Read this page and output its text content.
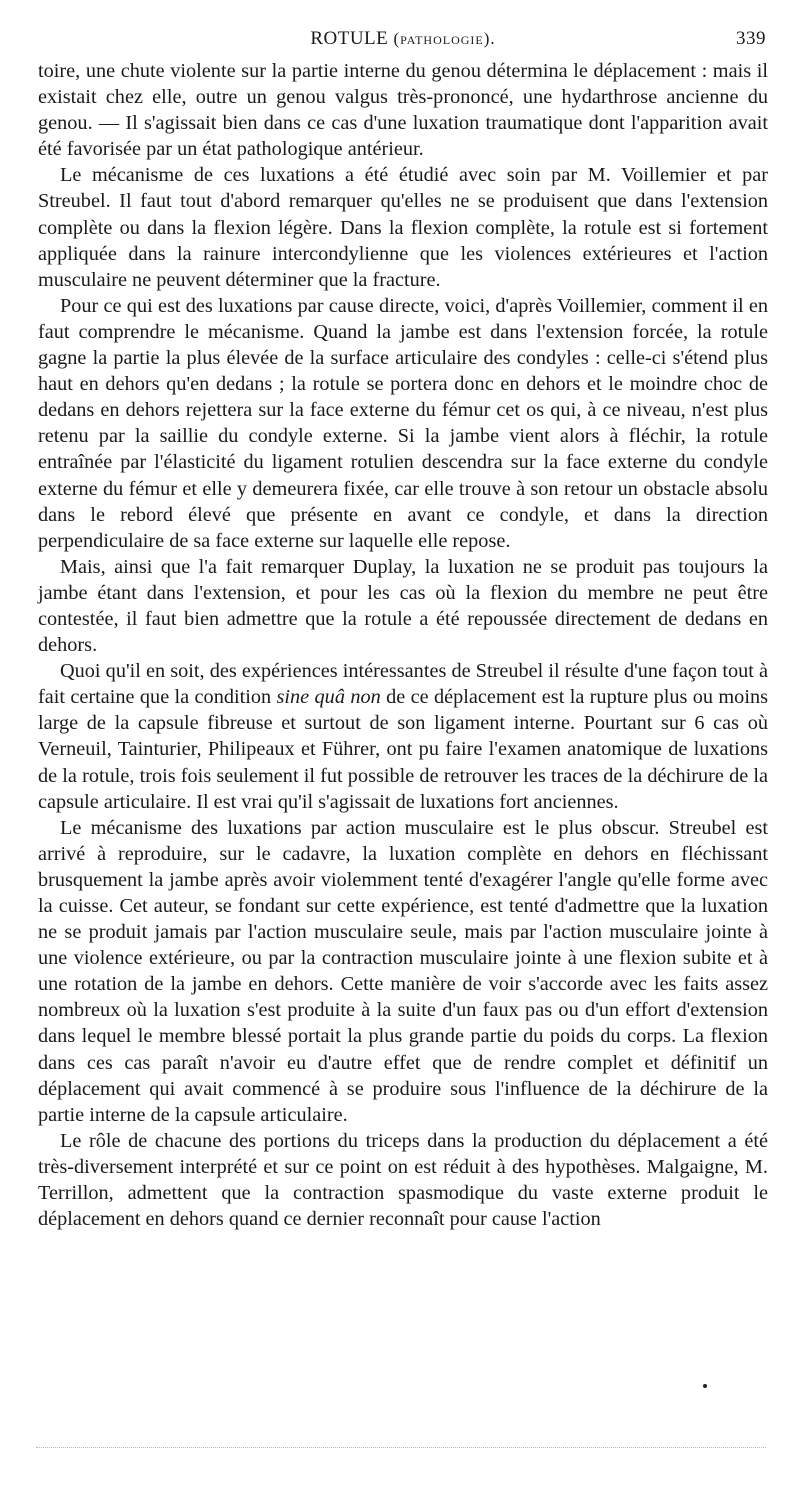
ROTULE (pathologie).	339

toire, une chute violente sur la partie interne du genou détermina le déplacement : mais il existait chez elle, outre un genou valgus très-prononcé, une hydarthrose ancienne du genou. — Il s'agissait bien dans ce cas d'une luxation traumatique dont l'apparition avait été favorisée par un état pathologique antérieur.

Le mécanisme de ces luxations a été étudié avec soin par M. Voillemier et par Streubel. Il faut tout d'abord remarquer qu'elles ne se produisent que dans l'extension complète ou dans la flexion légère. Dans la flexion complète, la rotule est si fortement appliquée dans la rainure intercondylienne que les violences extérieures et l'action musculaire ne peuvent déterminer que la fracture.

Pour ce qui est des luxations par cause directe, voici, d'après Voillemier, comment il en faut comprendre le mécanisme. Quand la jambe est dans l'extension forcée, la rotule gagne la partie la plus élevée de la surface articulaire des condyles : celle-ci s'étend plus haut en dehors qu'en dedans ; la rotule se portera donc en dehors et le moindre choc de dedans en dehors rejettera sur la face externe du fémur cet os qui, à ce niveau, n'est plus retenu par la saillie du condyle externe. Si la jambe vient alors à fléchir, la rotule entraînée par l'élasticité du ligament rotulien descendra sur la face externe du condyle externe du fémur et elle y demeurera fixée, car elle trouve à son retour un obstacle absolu dans le rebord élevé que présente en avant ce condyle, et dans la direction perpendiculaire de sa face externe sur laquelle elle repose.

Mais, ainsi que l'a fait remarquer Duplay, la luxation ne se produit pas toujours la jambe étant dans l'extension, et pour les cas où la flexion du membre ne peut être contestée, il faut bien admettre que la rotule a été repoussée directement de dedans en dehors.

Quoi qu'il en soit, des expériences intéressantes de Streubel il résulte d'une façon tout à fait certaine que la condition sine quâ non de ce déplacement est la rupture plus ou moins large de la capsule fibreuse et surtout de son ligament interne. Pourtant sur 6 cas où Verneuil, Tainturier, Philipeaux et Führer, ont pu faire l'examen anatomique de luxations de la rotule, trois fois seulement il fut possible de retrouver les traces de la déchirure de la capsule articulaire. Il est vrai qu'il s'agissait de luxations fort anciennes.

Le mécanisme des luxations par action musculaire est le plus obscur. Streubel est arrivé à reproduire, sur le cadavre, la luxation complète en dehors en fléchissant brusquement la jambe après avoir violemment tenté d'exagérer l'angle qu'elle forme avec la cuisse. Cet auteur, se fondant sur cette expérience, est tenté d'admettre que la luxation ne se produit jamais par l'action musculaire seule, mais par l'action musculaire jointe à une violence extérieure, ou par la contraction musculaire jointe à une flexion subite et à une rotation de la jambe en dehors. Cette manière de voir s'accorde avec les faits assez nombreux où la luxation s'est produite à la suite d'un faux pas ou d'un effort d'extension dans lequel le membre blessé portait la plus grande partie du poids du corps. La flexion dans ces cas paraît n'avoir eu d'autre effet que de rendre complet et définitif un déplacement qui avait commencé à se produire sous l'influence de la déchirure de la partie interne de la capsule articulaire.

Le rôle de chacune des portions du triceps dans la production du déplacement a été très-diversement interprété et sur ce point on est réduit à des hypothèses. Malgaigne, M. Terrillon, admettent que la contraction spasmodique du vaste externe produit le déplacement en dehors quand ce dernier reconnaît pour cause l'action
